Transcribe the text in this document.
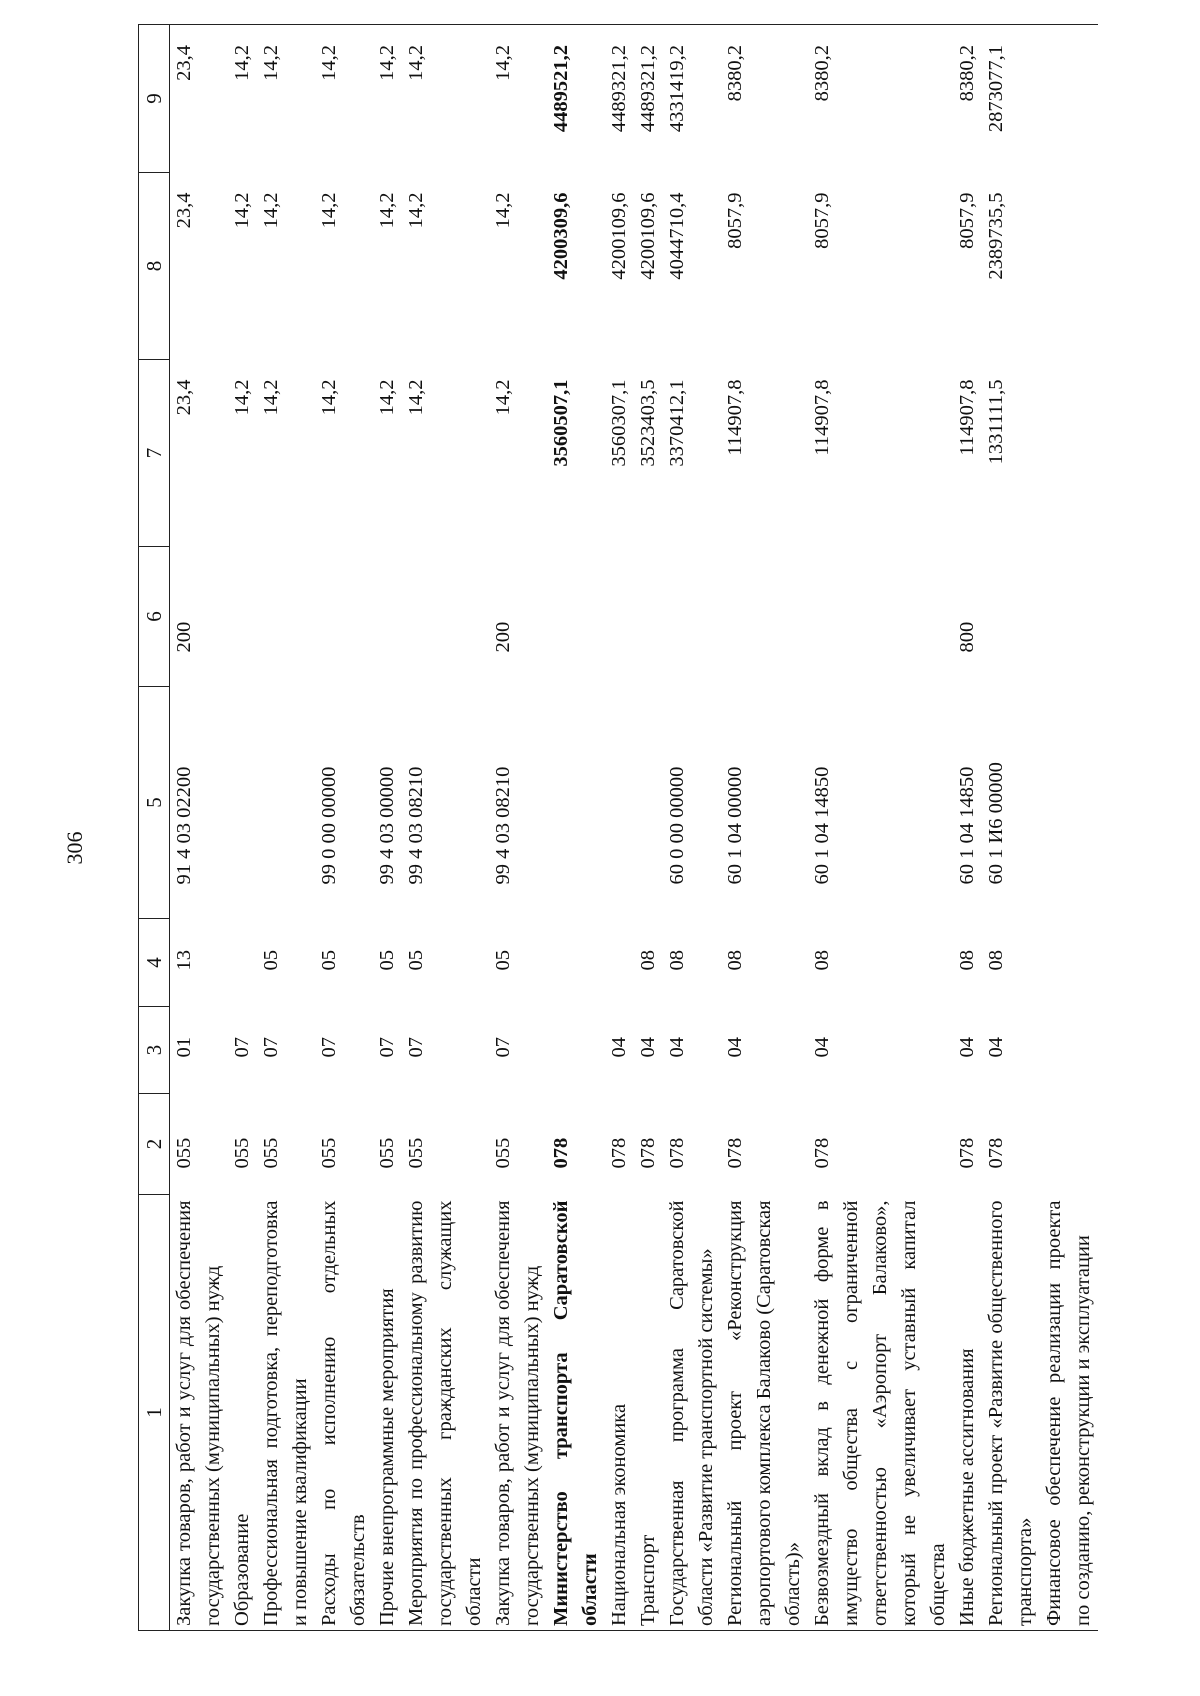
306
1	2	3	4	5	6	7	8	9
Закупка товаров, работ и услуг для обеспечения государственных (муниципальных) нужд	055	01	13	91 4 03 02200	200	23,4	23,4	23,4
Образование	055	07				14,2	14,2	14,2
Профессиональная подготовка, переподготовка и повышение квалификации	055	07	05			14,2	14,2	14,2
Расходы по исполнению отдельных обязательств	055	07	05	99 0 00 00000		14,2	14,2	14,2
Прочие внепрограммные мероприятия	055	07	05	99 4 03 00000		14,2	14,2	14,2
Мероприятия по профессиональному развитию государственных гражданских служащих области	055	07	05	99 4 03 08210		14,2	14,2	14,2
Закупка товаров, работ и услуг для обеспечения государственных (муниципальных) нужд	055	07	05	99 4 03 08210	200	14,2	14,2	14,2
Министерство транспорта Саратовской области	078					3560507,1	4200309,6	4489521,2
Национальная экономика	078	04				3560307,1	4200109,6	4489321,2
Транспорт	078	04	08			3523403,5	4200109,6	4489321,2
Государственная программа Саратовской области «Развитие транспортной системы»	078	04	08	60 0 00 00000		3370412,1	4044710,4	4331419,2
Региональный проект «Реконструкция аэропортового комплекса Балаково (Саратовская область)»	078	04	08	60 1 04 00000		114907,8	8057,9	8380,2
Безвозмездный вклад в денежной форме в имущество общества с ограниченной ответственностью «Аэропорт Балаково», который не увеличивает уставный капитал общества	078	04	08	60 1 04 14850		114907,8	8057,9	8380,2
Иные бюджетные ассигнования	078	04	08	60 1 04 14850	800	114907,8	8057,9	8380,2
Региональный проект «Развитие общественного транспорта»	078	04	08	60 1 И6 00000		1331111,5	2389735,5	2873077,1
Финансовое обеспечение реализации проекта по созданию, реконструкции и эксплуатации								
